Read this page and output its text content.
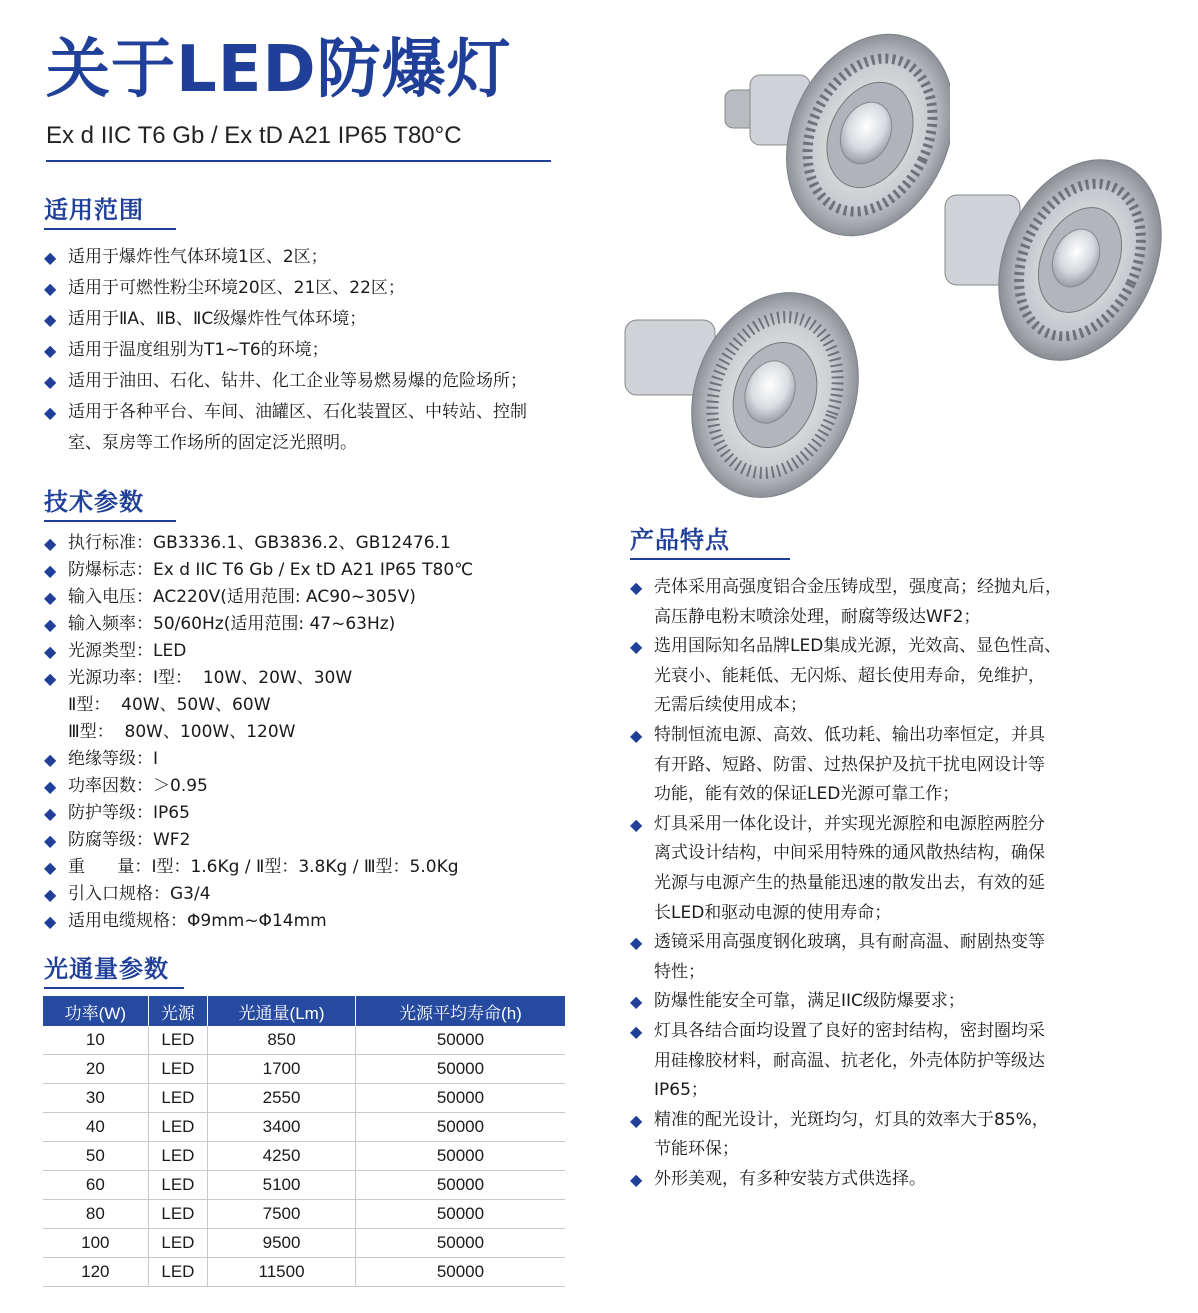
关于LED防爆灯
Ex d IIC T6 Gb / Ex tD A21 IP65 T80°C
适用范围
◆ 适用于爆炸性气体环境1区、2区；
◆ 适用于可燃性粉尘环境20区、21区、22区；
◆ 适用于ⅡA、ⅡB、ⅡC级爆炸性气体环境；
◆ 适用于温度组别为T1~T6的环境；
◆ 适用于油田、石化、钻井、化工企业等易燃易爆的危险场所；
◆ 适用于各种平台、车间、油罐区、石化装置区、中转站、控制室、泵房等工作场所的固定泛光照明。
技术参数
◆ 执行标准：GB3336.1、GB3836.2、GB12476.1
◆ 防爆标志：Ex d IIC T6 Gb / Ex tD A21 IP65 T80℃
◆ 输入电压：AC220V(适用范围: AC90~305V)
◆ 输入频率：50/60Hz(适用范围: 47~63Hz)
◆ 光源类型：LED
◆ 光源功率：Ⅰ型：  10W、20W、30W
Ⅱ型：  40W、50W、60W
Ⅲ型：  80W、100W、120W
◆ 绝缘等级：Ⅰ
◆ 功率因数：＞0.95
◆ 防护等级：IP65
◆ 防腐等级：WF2
◆ 重      量：Ⅰ型：1.6Kg / Ⅱ型：3.8Kg / Ⅲ型：5.0Kg
◆ 引入口规格：G3/4
◆ 适用电缆规格：Φ9mm~Φ14mm
光通量参数
功率(W)	光源	光通量(Lm)	光源平均寿命(h)
10	LED	850	50000
20	LED	1700	50000
30	LED	2550	50000
40	LED	3400	50000
50	LED	4250	50000
60	LED	5100	50000
80	LED	7500	50000
100	LED	9500	50000
120	LED	11500	50000
产品特点
◆ 壳体采用高强度铝合金压铸成型，强度高；经抛丸后，
高压静电粉末喷涂处理，耐腐等级达WF2；
◆ 选用国际知名品牌LED集成光源，光效高、显色性高、
光衰小、能耗低、无闪烁、超长使用寿命，免维护，
无需后续使用成本；
◆ 特制恒流电源、高效、低功耗、输出功率恒定，并具
有开路、短路、防雷、过热保护及抗干扰电网设计等
功能，能有效的保证LED光源可靠工作；
◆ 灯具采用一体化设计，并实现光源腔和电源腔两腔分
离式设计结构，中间采用特殊的通风散热结构，确保
光源与电源产生的热量能迅速的散发出去，有效的延
长LED和驱动电源的使用寿命；
◆ 透镜采用高强度钢化玻璃，具有耐高温、耐剧热变等
特性；
◆ 防爆性能安全可靠，满足IIC级防爆要求；
◆ 灯具各结合面均设置了良好的密封结构，密封圈均采
用硅橡胶材料，耐高温、抗老化，外壳体防护等级达
IP65；
◆ 精准的配光设计，光斑均匀，灯具的效率大于85%，
节能环保；
◆ 外形美观，有多种安装方式供选择。
